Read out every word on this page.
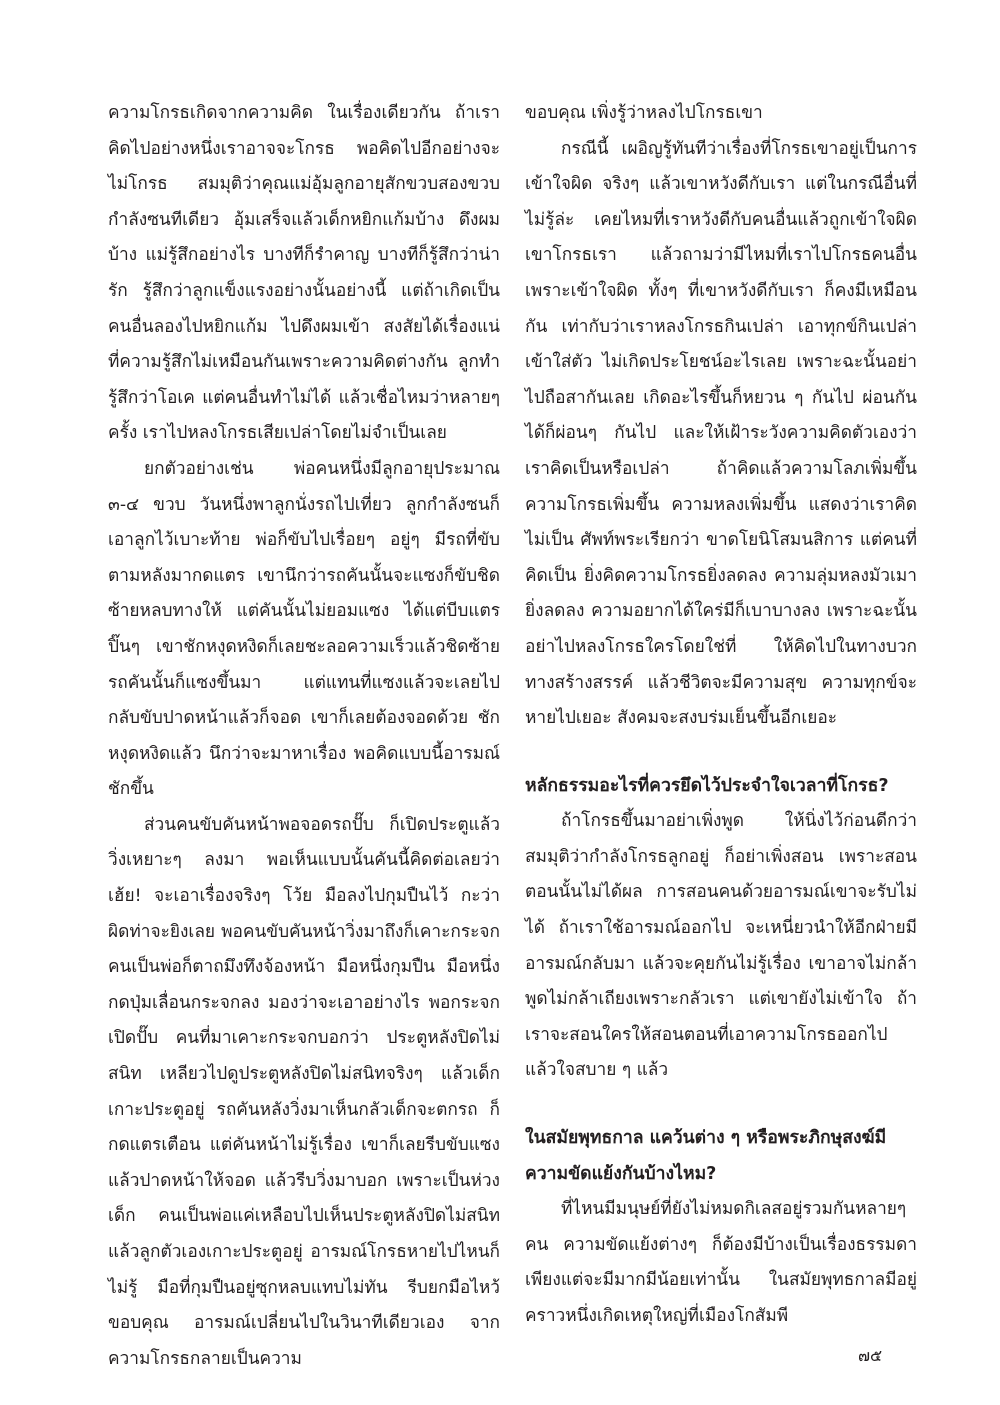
ความโกรธเกิดจากความคิด ในเรื่องเดียวกัน ถ้าเราคิดไปอย่างหนึ่งเราอาจจะโกรธ พอคิดไปอีกอย่างจะไม่โกรธ สมมุติว่าคุณแม่อุ้มลูกอายุสักขวบสองขวบกำลังซนทีเดียว อุ้มเสร็จแล้วเด็กหยิกแก้มบ้าง ดึงผมบ้าง แม่รู้สึกอย่างไร บางทีก็รำคาญ บางทีก็รู้สึกว่าน่ารัก รู้สึกว่าลูกแข็งแรงอย่างนั้นอย่างนี้ แต่ถ้าเกิดเป็นคนอื่นลองไปหยิกแก้ม ไปดึงผมเข้า สงสัยได้เรื่องแน่ ที่ความรู้สึกไม่เหมือนกันเพราะความคิดต่างกัน ลูกทำรู้สึกว่าโอเค แต่คนอื่นทำไม่ได้ แล้วเชื่อไหมว่าหลายๆ ครั้ง เราไปหลงโกรธเสียเปล่าโดยไม่จำเป็นเลย

ยกตัวอย่างเช่น พ่อคนหนึ่งมีลูกอายุประมาณ ๓-๔ ขวบ วันหนึ่งพาลูกนั่งรถไปเที่ยว ลูกกำลังซนก็เอาลูกไว้เบาะท้าย พ่อก็ขับไปเรื่อยๆ อยู่ๆ มีรถที่ขับตามหลังมากดแตร เขานึกว่ารถคันนั้นจะแซงก็ขับชิดซ้ายหลบทางให้ แต่คันนั้นไม่ยอมแซง ได้แต่บีบแตรปิ๊นๆ เขาชักหงุดหงิดก็เลยชะลอความเร็วแล้วชิดซ้าย รถคันนั้นก็แซงขึ้นมา แต่แทนที่แซงแล้วจะเลยไป กลับขับปาดหน้าแล้วก็จอด เขาก็เลยต้องจอดด้วย ชักหงุดหงิดแล้ว นึกว่าจะมาหาเรื่อง พอคิดแบบนี้อารมณ์ชักขึ้น

ส่วนคนขับคันหน้าพอจอดรถปั๊บ ก็เปิดประตูแล้ววิ่งเหยาะๆ ลงมา พอเห็นแบบนั้นคันนี้คิดต่อเลยว่า เฮ้ย! จะเอาเรื่องจริงๆ โว้ย มือลงไปกุมปืนไว้ กะว่าผิดท่าจะยิงเลย พอคนขับคันหน้าวิ่งมาถึงก็เคาะกระจก คนเป็นพ่อก็ตาถมึงทึงจ้องหน้า มือหนึ่งกุมปืน มือหนึ่งกดปุ่มเลื่อนกระจกลง มองว่าจะเอาอย่างไร พอกระจกเปิดปั๊บ คนที่มาเคาะกระจกบอกว่า ประตูหลังปิดไม่สนิท เหลียวไปดูประตูหลังปิดไม่สนิทจริงๆ แล้วเด็กเกาะประตูอยู่ รถคันหลังวิ่งมาเห็นกลัวเด็กจะตกรถ ก็กดแตรเตือน แต่คันหน้าไม่รู้เรื่อง เขาก็เลยรีบขับแซงแล้วปาดหน้าให้จอด แล้วรีบวิ่งมาบอก เพราะเป็นห่วงเด็ก คนเป็นพ่อแค่เหลือบไปเห็นประตูหลังปิดไม่สนิท แล้วลูกตัวเองเกาะประตูอยู่ อารมณ์โกรธหายไปไหนก็ไม่รู้ มือที่กุมปืนอยู่ซุกหลบแทบไม่ทัน รีบยกมือไหว้ขอบคุณ อารมณ์เปลี่ยนไปในวินาทีเดียวเอง จากความโกรธกลายเป็นความ

ขอบคุณ เพิ่งรู้ว่าหลงไปโกรธเขา

กรณีนี้ เผอิญรู้ทันทีว่าเรื่องที่โกรธเขาอยู่เป็นการเข้าใจผิด จริงๆ แล้วเขาหวังดีกับเรา แต่ในกรณีอื่นที่ไม่รู้ล่ะ เคยไหมที่เราหวังดีกับคนอื่นแล้วถูกเข้าใจผิด เขาโกรธเรา แล้วถามว่ามีไหมที่เราไปโกรธคนอื่นเพราะเข้าใจผิด ทั้งๆ ที่เขาหวังดีกับเรา ก็คงมีเหมือนกัน เท่ากับว่าเราหลงโกรธกินเปล่า เอาทุกข์กินเปล่าเข้าใส่ตัว ไม่เกิดประโยชน์อะไรเลย เพราะฉะนั้นอย่าไปถือสากันเลย เกิดอะไรขึ้นก็หยวน ๆ กันไป ผ่อนกันได้ก็ผ่อนๆ กันไป และให้เฝ้าระวังความคิดตัวเองว่า เราคิดเป็นหรือเปล่า ถ้าคิดแล้วความโลภเพิ่มขึ้น ความโกรธเพิ่มขึ้น ความหลงเพิ่มขึ้น แสดงว่าเราคิดไม่เป็น ศัพท์พระเรียกว่า ขาดโยนิโสมนสิการ แต่คนที่คิดเป็น ยิ่งคิดความโกรธยิ่งลดลง ความลุ่มหลงมัวเมายิ่งลดลง ความอยากได้ใคร่มีก็เบาบางลง เพราะฉะนั้นอย่าไปหลงโกรธใครโดยใช่ที่ ให้คิดไปในทางบวก ทางสร้างสรรค์ แล้วชีวิตจะมีความสุข ความทุกข์จะหายไปเยอะ สังคมจะสงบร่มเย็นขึ้นอีกเยอะ

หลักธรรมอะไรที่ควรยึดไว้ประจำใจเวลาที่โกรธ?

ถ้าโกรธขึ้นมาอย่าเพิ่งพูด ให้นิ่งไว้ก่อนดีกว่าสมมุติว่ากำลังโกรธลูกอยู่ ก็อย่าเพิ่งสอน เพราะสอนตอนนั้นไม่ได้ผล การสอนคนด้วยอารมณ์เขาจะรับไม่ได้ ถ้าเราใช้อารมณ์ออกไป จะเหนี่ยวนำให้อีกฝ่ายมีอารมณ์กลับมา แล้วจะคุยกันไม่รู้เรื่อง เขาอาจไม่กล้าพูดไม่กล้าเถียงเพราะกลัวเรา แต่เขายังไม่เข้าใจ ถ้าเราจะสอนใครให้สอนตอนที่เอาความโกรธออกไปแล้วใจสบาย ๆ แล้ว

ในสมัยพุทธกาล แคว้นต่าง ๆ หรือพระภิกษุสงฆ์มีความขัดแย้งกันบ้างไหม?

ที่ไหนมีมนุษย์ที่ยังไม่หมดกิเลสอยู่รวมกันหลายๆ คน ความขัดแย้งต่างๆ ก็ต้องมีบ้างเป็นเรื่องธรรมดา เพียงแต่จะมีมากมีน้อยเท่านั้น ในสมัยพุทธกาลมีอยู่คราวหนึ่งเกิดเหตุใหญ่ที่เมืองโกสัมพี

๗๕
